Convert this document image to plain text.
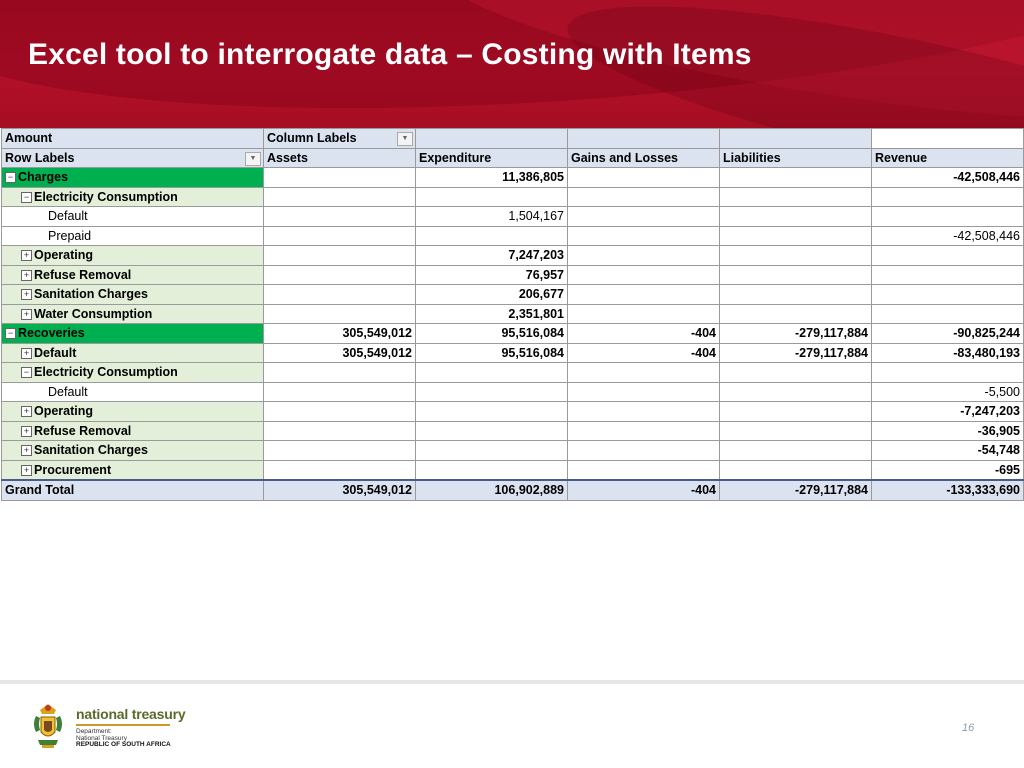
Excel tool to interrogate data – Costing with Items
Amount	Column Labels ▼				

Row Labels ▼	Assets	Expenditure	Gains and Losses	Liabilities	Revenue
− Charges		11,386,805			-42,508,446
− Electricity Consumption					
Default		1,504,167			
Prepaid					-42,508,446
+ Operating		7,247,203			
+ Refuse Removal		76,957			
+ Sanitation Charges		206,677			
+ Water Consumption		2,351,801			
− Recoveries	305,549,012	95,516,084	-404	-279,117,884	-90,825,244
+ Default	305,549,012	95,516,084	-404	-279,117,884	-83,480,193
− Electricity Consumption					
Default					-5,500
+ Operating					-7,247,203
+ Refuse Removal					-36,905
+ Sanitation Charges					-54,748
+ Procurement					-695
Grand Total	305,549,012	106,902,889	-404	-279,117,884	-133,333,690
national treasury
Department:
National Treasury
REPUBLIC OF SOUTH AFRICA
16
